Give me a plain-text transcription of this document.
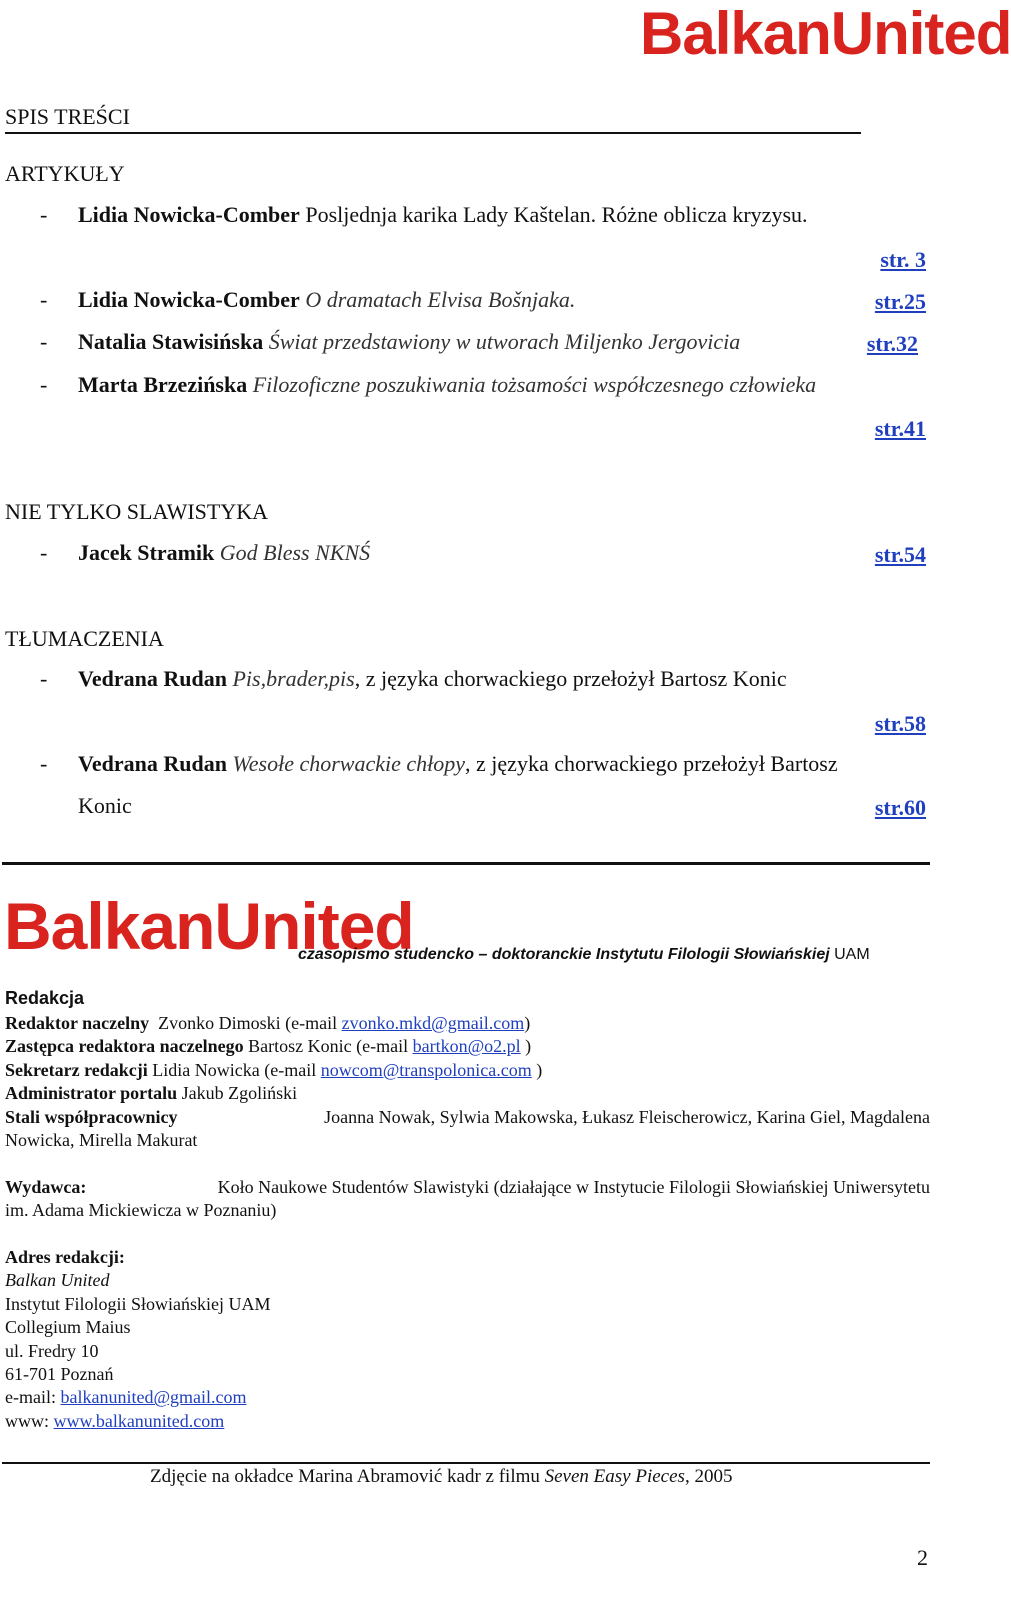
BalkanUnited
SPIS TREŚCI
ARTYKUŁY
- Lidia Nowicka-Comber Posljednja karika Lady Kaštelan. Różne oblicza kryzysu.
str. 3
- Lidia Nowicka-Comber O dramatach Elvisa Bošnjaka.	str.25
- Natalia Stawisińska Świat przedstawiony w utworach Miljenko Jergovicia	str.32
- Marta Brzezińska Filozoficzne poszukiwania tożsamości współczesnego człowieka
str.41
NIE TYLKO SLAWISTYKA
- Jacek Stramik God Bless NKNŚ	str.54
TŁUMACZENIA
- Vedrana Rudan Pis,brader,pis, z języka chorwackiego przełożył Bartosz Konic
str.58
- Vedrana Rudan Wesołe chorwackie chłopy, z języka chorwackiego przełożył Bartosz
Konic	str.60
BalkanUnited
czasopismo studencko – doktoranckie Instytutu Filologii Słowiańskiej UAM
Redakcja
Redaktor naczelny Zvonko Dimoski (e-mail zvonko.mkd@gmail.com)
Zastępca redaktora naczelnego Bartosz Konic (e-mail bartkon@o2.pl )
Sekretarz redakcji Lidia Nowicka (e-mail nowcom@transpolonica.com )
Administrator portalu Jakub Zgoliński
Stali współpracownicy	Joanna Nowak, Sylwia Makowska, Łukasz Fleischerowicz, Karina Giel, Magdalena
Nowicka, Mirella Makurat
Wydawca:	Koło Naukowe Studentów Slawistyki (działające w Instytucie Filologii Słowiańskiej Uniwersytetu
im. Adama Mickiewicza w Poznaniu)
Adres redakcji:
Balkan United
Instytut Filologii Słowiańskiej UAM
Collegium Maius
ul. Fredry 10
61-701 Poznań
e-mail: balkanunited@gmail.com
www: www.balkanunited.com
Zdjęcie na okładce Marina Abramović kadr z filmu Seven Easy Pieces, 2005
2
